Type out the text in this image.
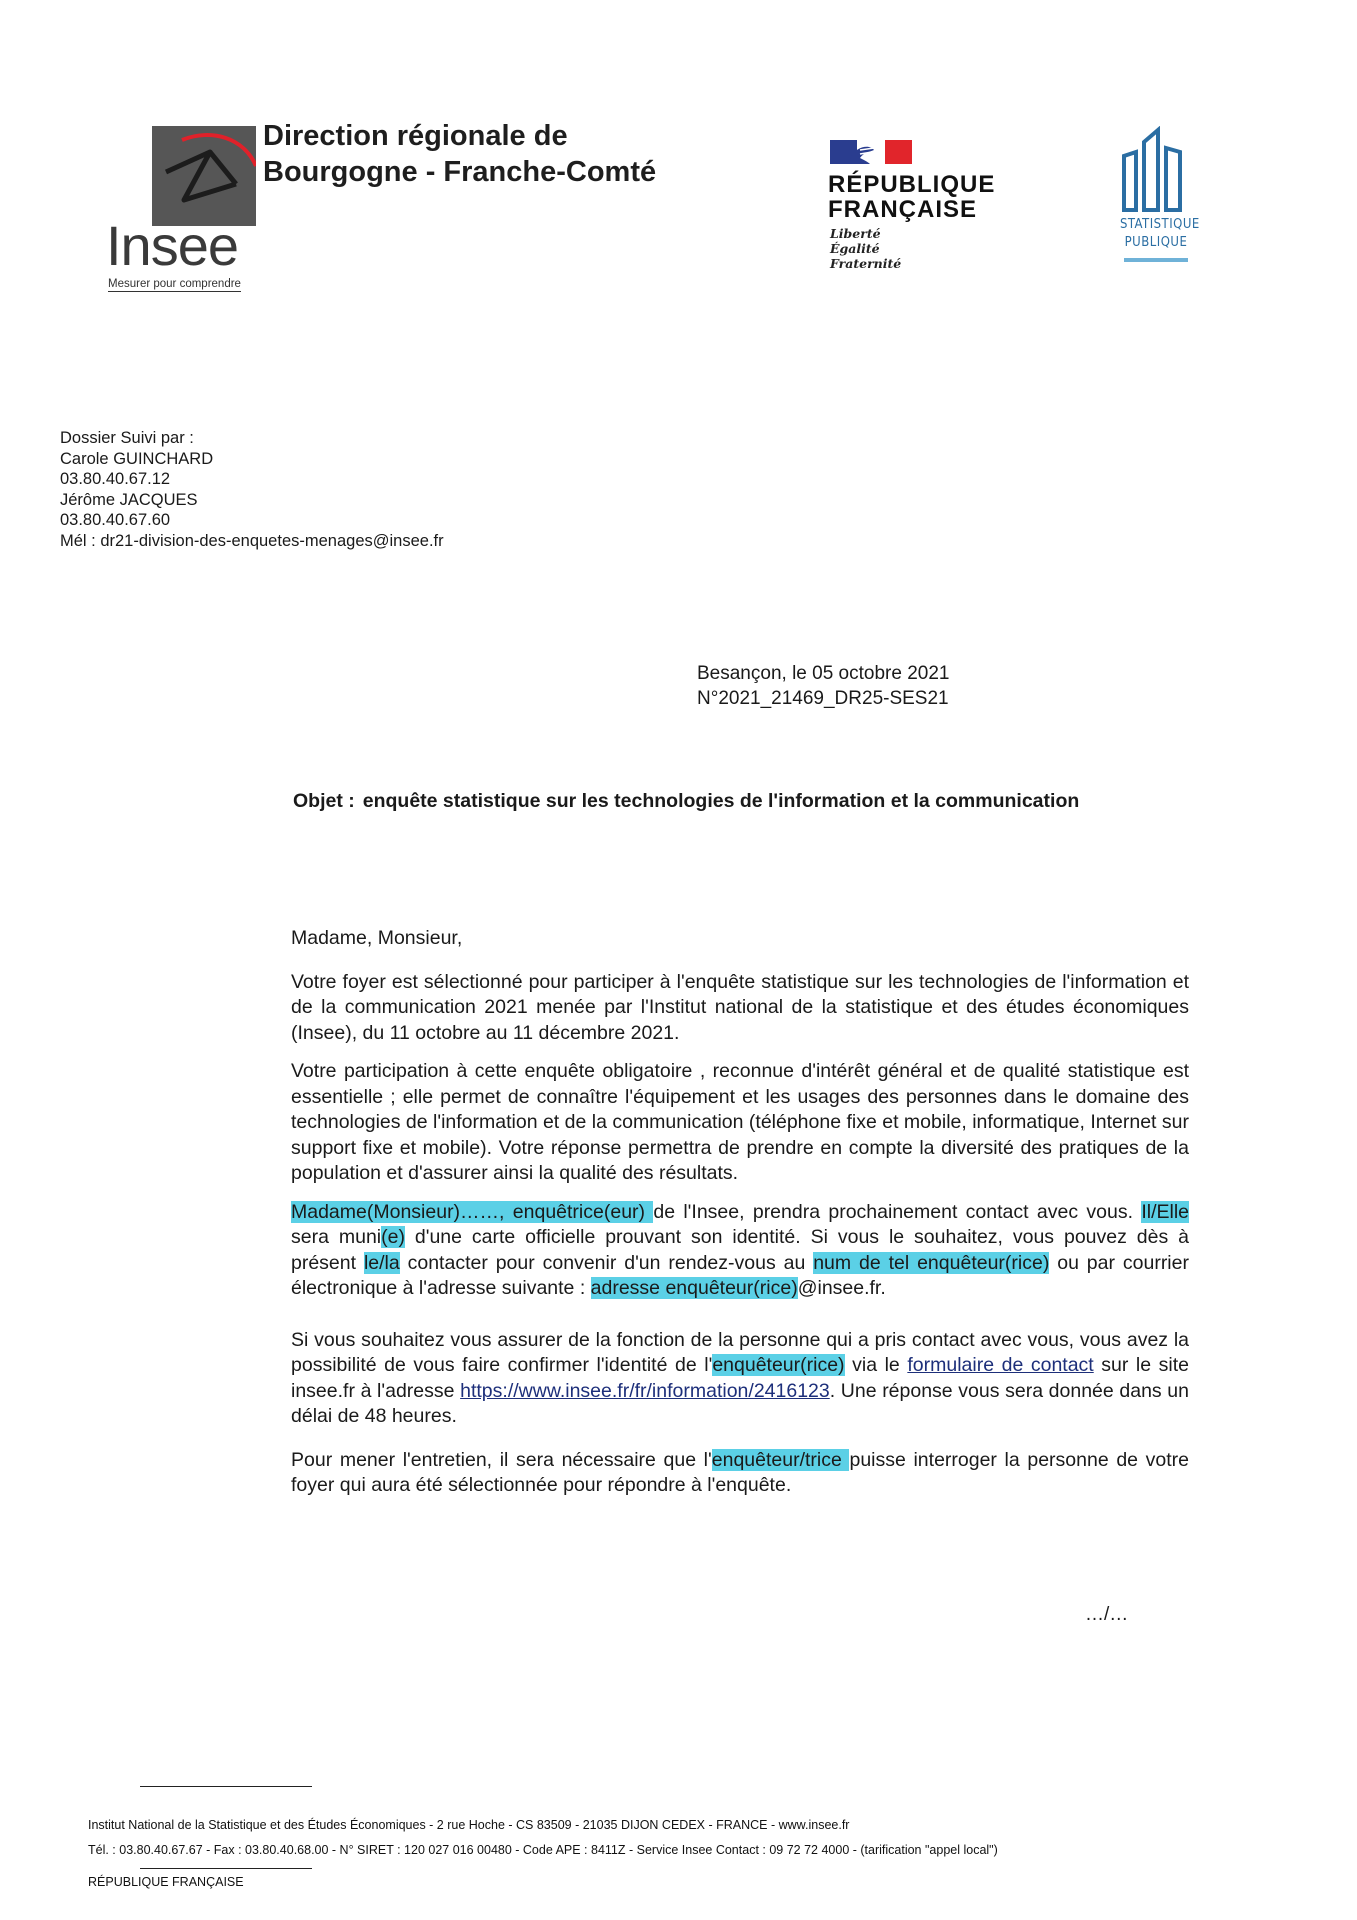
Insee
Mesurer pour comprendre
Direction régionale de
Bourgogne - Franche-Comté	RÉPUBLIQUE
FRANÇAISE
Liberté
Égalité
Fraternité
STATISTIQUE
PUBLIQUE
Dossier Suivi par :
Carole GUINCHARD
03.80.40.67.12
Jérôme JACQUES
03.80.40.67.60
Mél : dr21-division-des-enquetes-menages@insee.fr
Besançon, le 05 octobre 2021
N°2021_21469_DR25-SES21
Objet : enquête statistique sur les technologies de l'information et la communication

Madame, Monsieur,

Votre foyer est sélectionné pour participer à l'enquête statistique sur les technologies de l'information et de la communication 2021 menée par l'Institut national de la statistique et des études économiques (Insee), du 11 octobre au 11 décembre 2021.

Votre participation à cette enquête obligatoire , reconnue d'intérêt général et de qualité statistique est essentielle ; elle permet de connaître l'équipement et les usages des personnes dans le domaine des technologies de l'information et de la communication (téléphone fixe et mobile, informatique, Internet sur support fixe et mobile). Votre réponse permettra de prendre en compte la diversité des pratiques de la population et d'assurer ainsi la qualité des résultats.

Madame(Monsieur)……, enquêtrice(eur) de l'Insee, prendra prochainement contact avec vous. Il/Elle sera muni(e) d'une carte officielle prouvant son identité. Si vous le souhaitez, vous pouvez dès à présent le/la contacter pour convenir d'un rendez-vous au num de tel enquêteur(rice) ou par courrier électronique à l'adresse suivante : adresse enquêteur(rice)@insee.fr.

Si vous souhaitez vous assurer de la fonction de la personne qui a pris contact avec vous, vous avez la possibilité de vous faire confirmer l'identité de l'enquêteur(rice) via le formulaire de contact sur le site insee.fr à l'adresse https://www.insee.fr/fr/information/2416123. Une réponse vous sera donnée dans un délai de 48 heures.

Pour mener l'entretien, il sera nécessaire que l'enquêteur/trice puisse interroger la personne de votre foyer qui aura été sélectionnée pour répondre à l'enquête.

…/…
Institut National de la Statistique et des Études Économiques - 2 rue Hoche - CS 83509 - 21035 DIJON CEDEX - FRANCE - www.insee.fr
Tél. : 03.80.40.67.67 - Fax : 03.80.40.68.00 - N° SIRET : 120 027 016 00480 - Code APE : 8411Z - Service Insee Contact : 09 72 72 4000 - (tarification "appel local")
RÉPUBLIQUE FRANÇAISE
